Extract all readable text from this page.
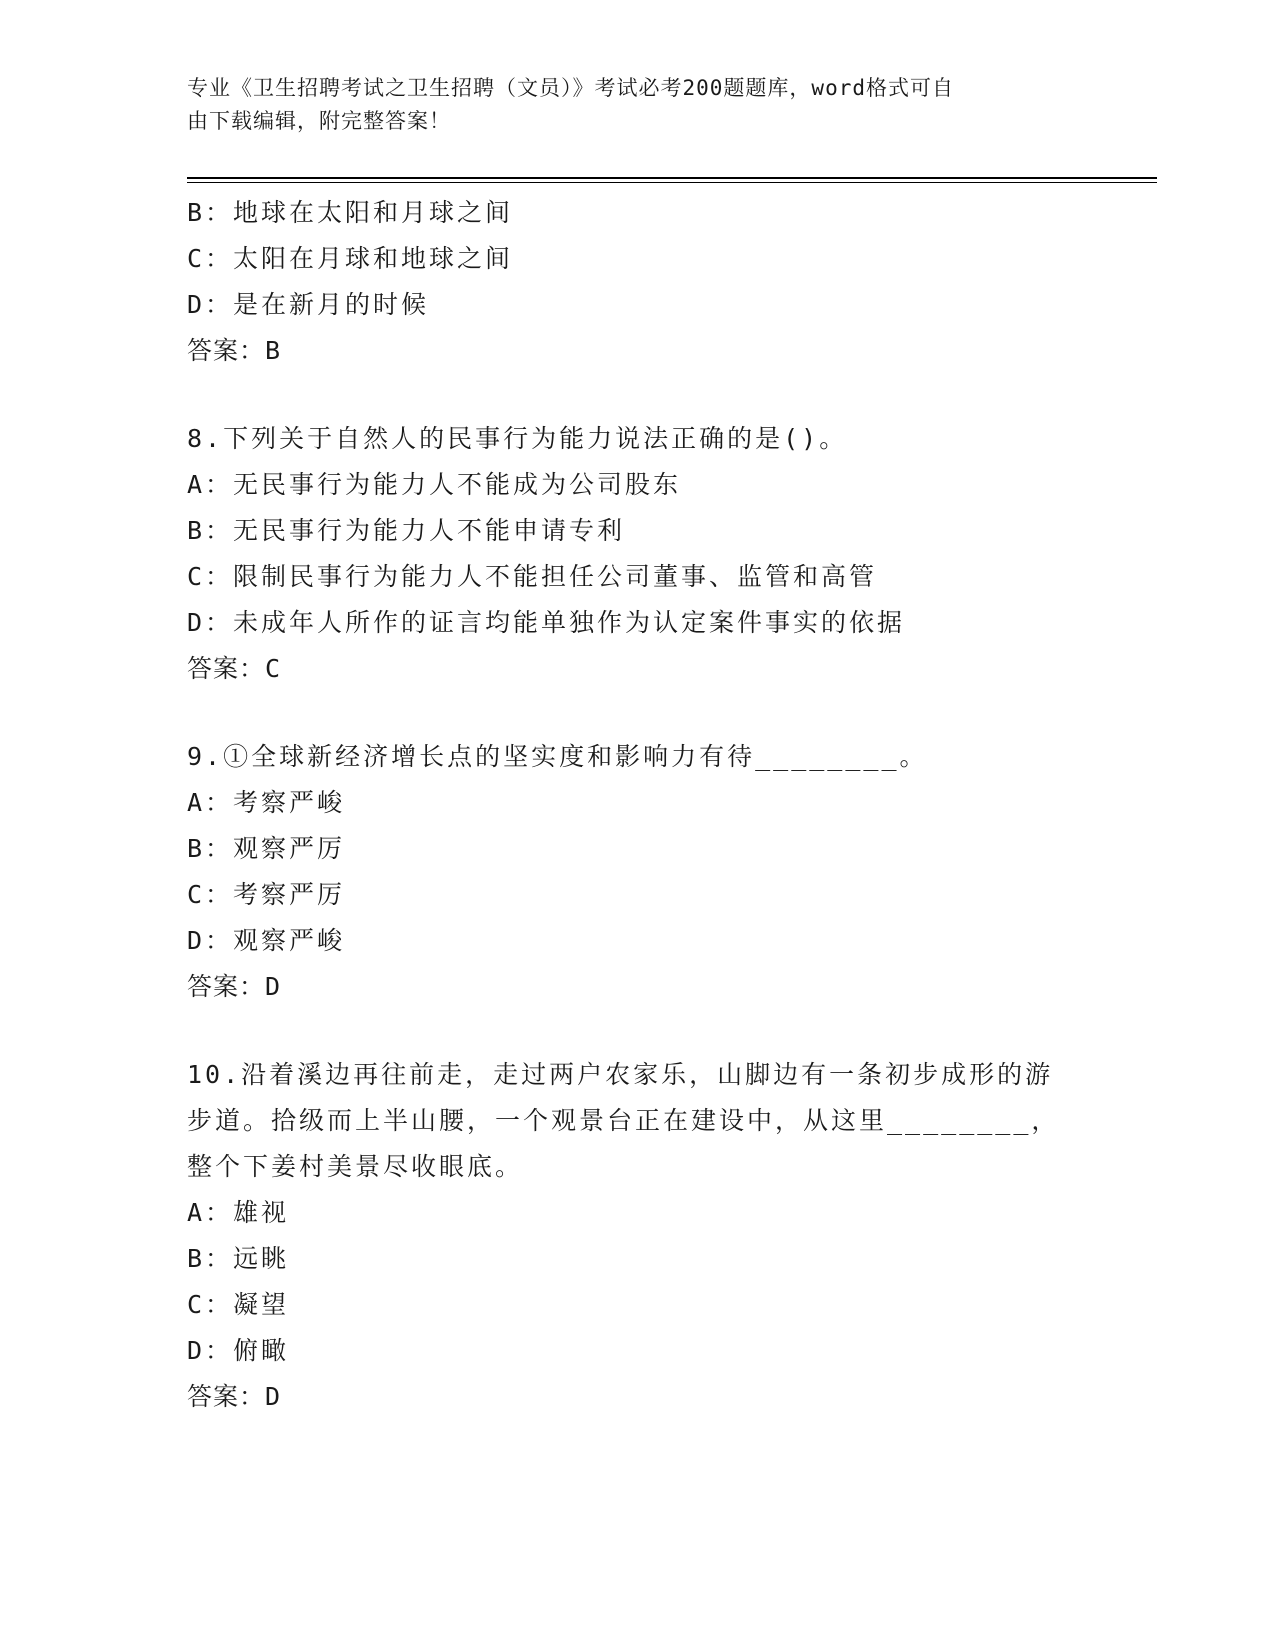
专业《卫生招聘考试之卫生招聘（文员）》考试必考200题题库，word格式可自
由下载编辑，附完整答案！
B：地球在太阳和月球之间
C：太阳在月球和地球之间
D：是在新月的时候
答案：B
8.下列关于自然人的民事行为能力说法正确的是()。
A：无民事行为能力人不能成为公司股东
B：无民事行为能力人不能申请专利
C：限制民事行为能力人不能担任公司董事、监管和高管
D：未成年人所作的证言均能单独作为认定案件事实的依据
答案：C
9.①全球新经济增长点的坚实度和影响力有待________。
A：考察严峻
B：观察严厉
C：考察严厉
D：观察严峻
答案：D
10.沿着溪边再往前走，走过两户农家乐，山脚边有一条初步成形的游
步道。拾级而上半山腰，一个观景台正在建设中，从这里________，
整个下姜村美景尽收眼底。
A：雄视
B：远眺
C：凝望
D：俯瞰
答案：D
